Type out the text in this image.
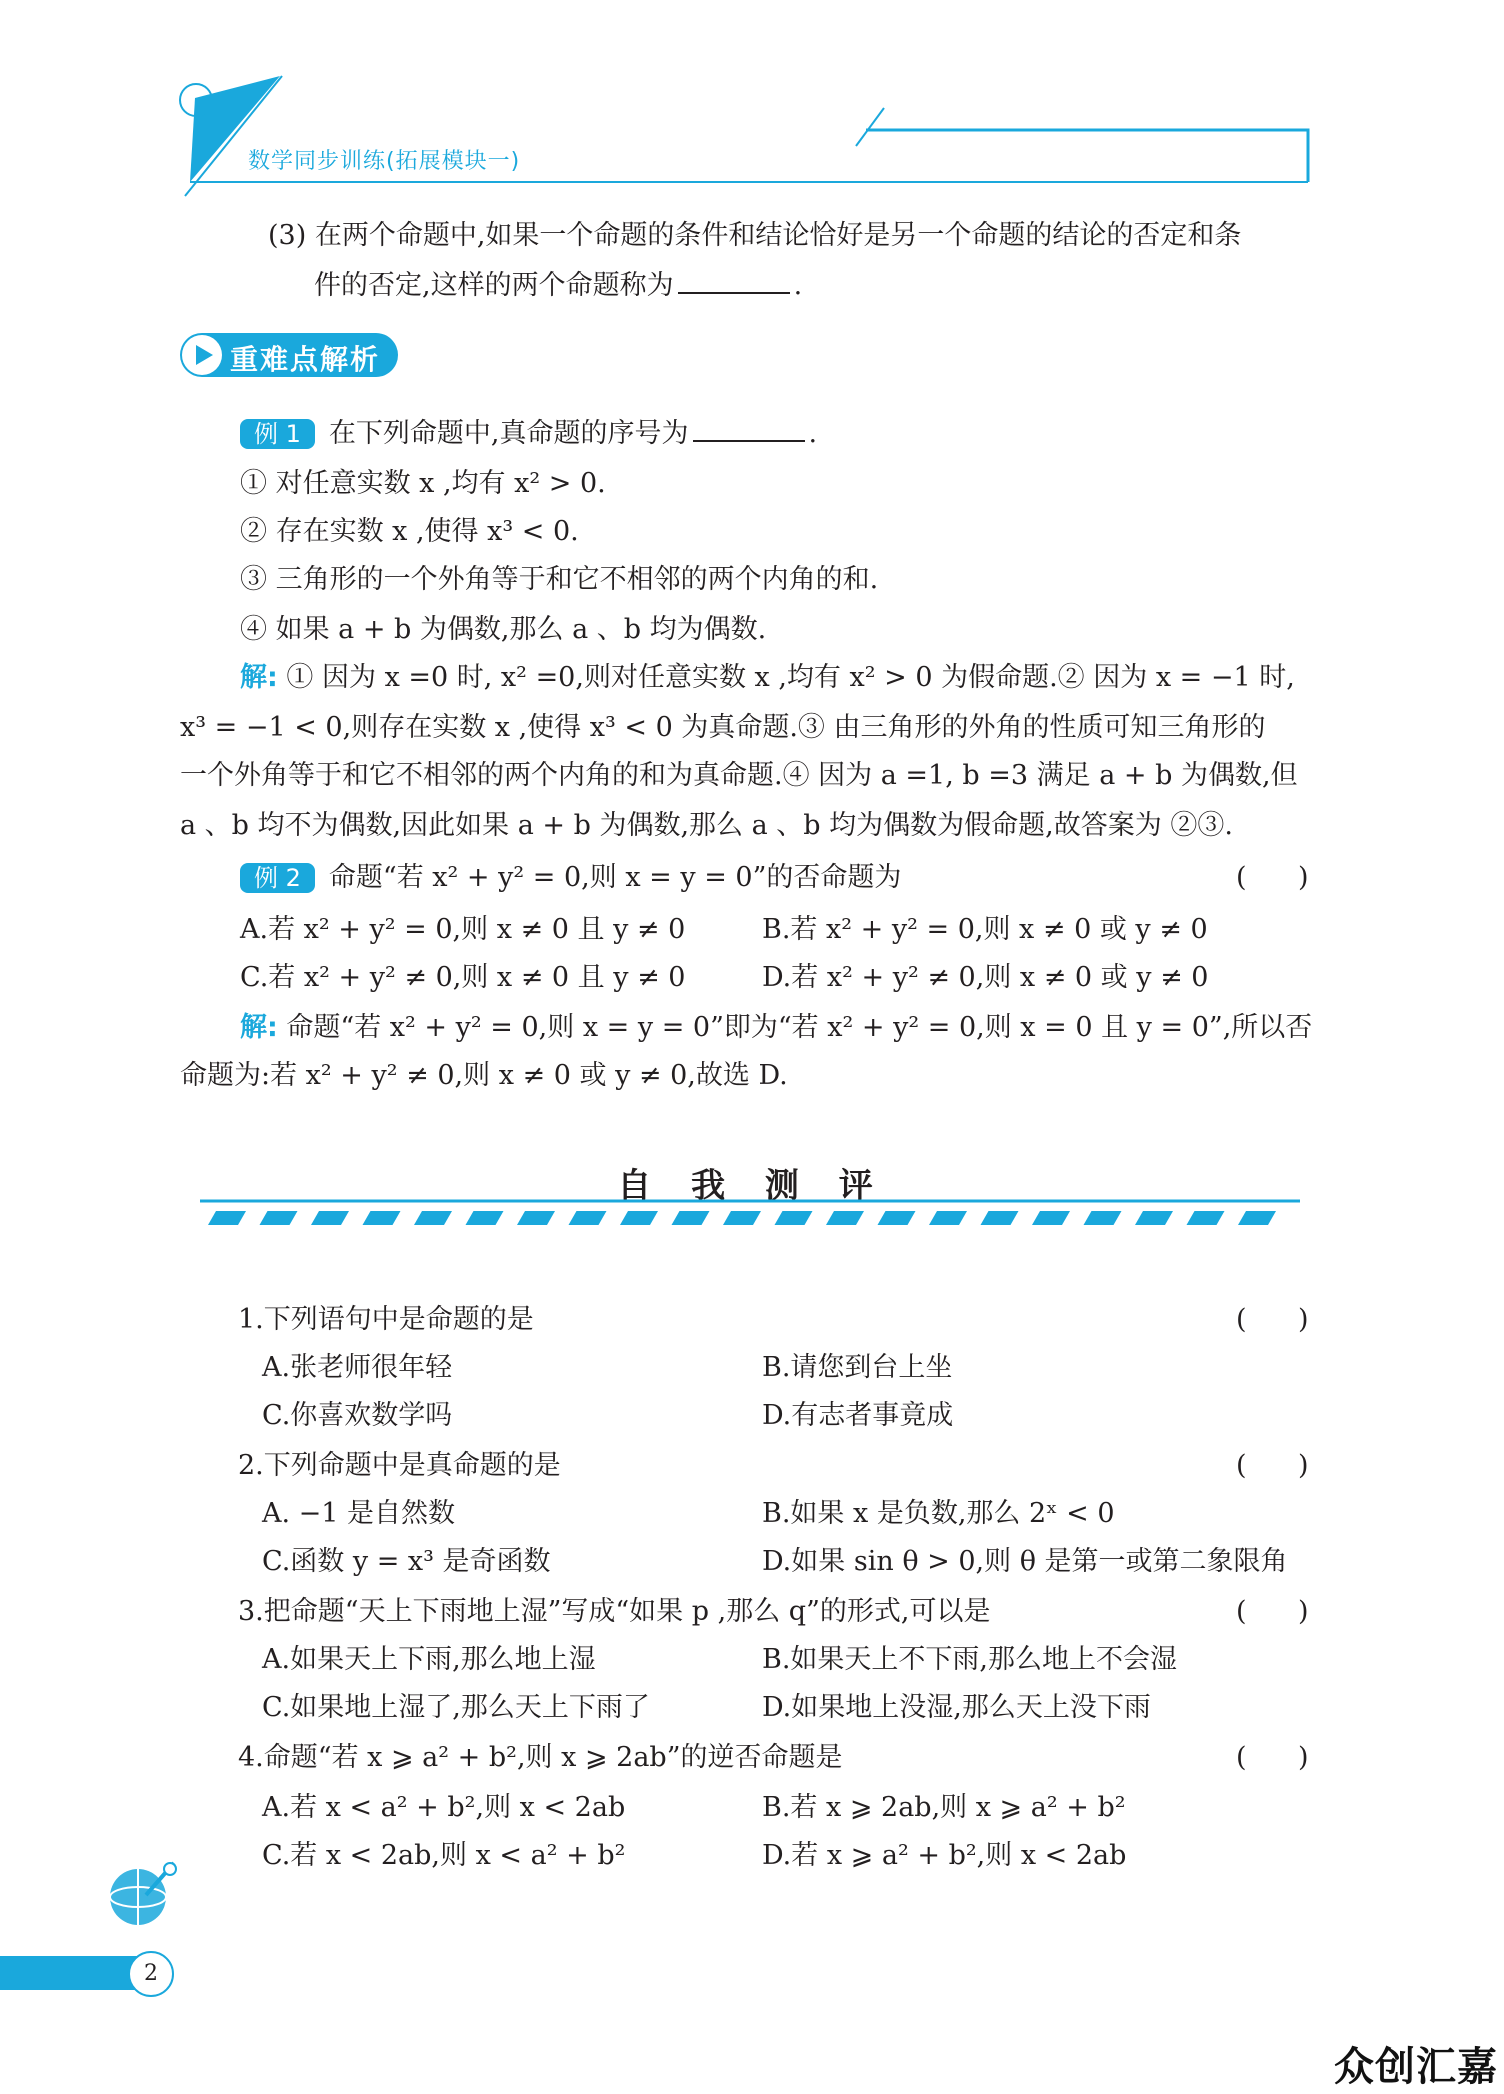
数学同步训练(拓展模块一)
(3) 在两个命题中,如果一个命题的条件和结论恰好是另一个命题的结论的否定和条
件的否定,这样的两个命题称为	.
重难点解析
例 1 在下列命题中,真命题的序号为	.
① 对任意实数 x ,均有 x² > 0.
② 存在实数 x ,使得 x³ < 0.
③ 三角形的一个外角等于和它不相邻的两个内角的和.
④ 如果 a + b 为偶数,那么 a 、b 均为偶数.
解: ① 因为 x =0 时, x² =0,则对任意实数 x ,均有 x² > 0 为假命题.② 因为 x = −1 时,
x³ = −1 < 0,则存在实数 x ,使得 x³ < 0 为真命题.③ 由三角形的外角的性质可知三角形的
一个外角等于和它不相邻的两个内角的和为真命题.④ 因为 a =1, b =3 满足 a + b 为偶数,但
a 、b 均不为偶数,因此如果 a + b 为偶数,那么 a 、b 均为偶数为假命题,故答案为 ②③.
例 2 命题“若 x² + y² = 0,则 x = y = 0”的否命题为	(      )
A.若 x² + y² = 0,则 x ≠ 0 且 y ≠ 0	B.若 x² + y² = 0,则 x ≠ 0 或 y ≠ 0
C.若 x² + y² ≠ 0,则 x ≠ 0 且 y ≠ 0	D.若 x² + y² ≠ 0,则 x ≠ 0 或 y ≠ 0
解: 命题“若 x² + y² = 0,则 x = y = 0”即为“若 x² + y² = 0,则 x = 0 且 y = 0”,所以否
命题为:若 x² + y² ≠ 0,则 x ≠ 0 或 y ≠ 0,故选 D.
自 我 测 评
1.下列语句中是命题的是	(      )
A.张老师很年轻	B.请您到台上坐
C.你喜欢数学吗	D.有志者事竟成
2.下列命题中是真命题的是	(      )
A. −1 是自然数	B.如果 x 是负数,那么 2ˣ < 0
C.函数 y = x³ 是奇函数	D.如果 sin θ > 0,则 θ 是第一或第二象限角
3.把命题“天上下雨地上湿”写成“如果 p ,那么 q”的形式,可以是	(      )
A.如果天上下雨,那么地上湿	B.如果天上不下雨,那么地上不会湿
C.如果地上湿了,那么天上下雨了	D.如果地上没湿,那么天上没下雨
4.命题“若 x ⩾ a² + b²,则 x ⩾ 2ab”的逆否命题是	(      )
A.若 x < a² + b²,则 x < 2ab	B.若 x ⩾ 2ab,则 x ⩾ a² + b²
C.若 x < 2ab,则 x < a² + b²	D.若 x ⩾ a² + b²,则 x < 2ab
2
众创汇嘉
